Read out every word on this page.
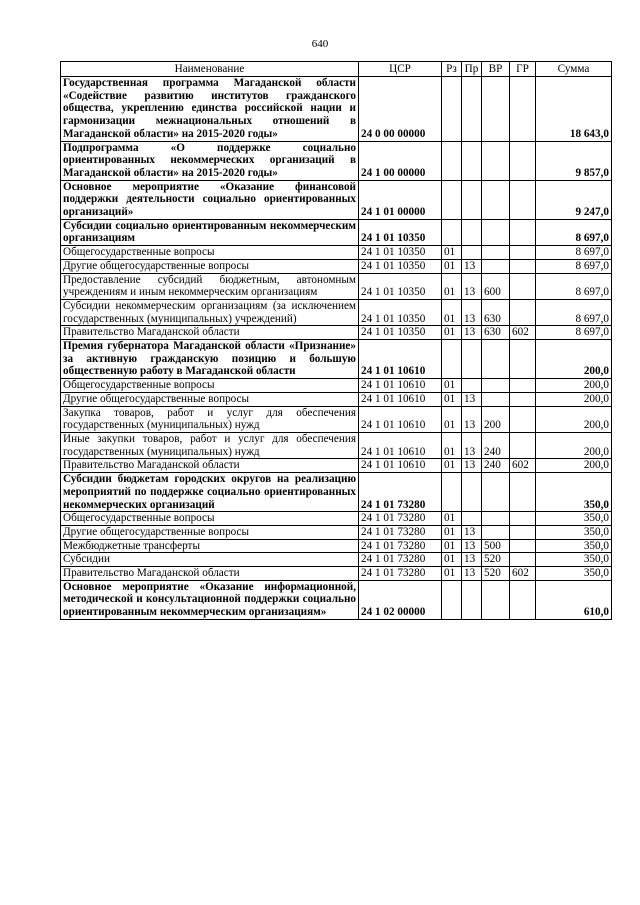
640
Наименование	ЦСР	Рз	Пр	ВР	ГР	Сумма
Государственная программа Магаданской области «Содействие развитию институтов гражданского общества, укреплению единства российской нации и гармонизации межнациональных отношений в Магаданской области» на 2015-2020 годы»	24 0 00 00000					18 643,0
Подпрограмма «О поддержке социально ориентированных некоммерческих организаций в Магаданской области» на 2015-2020 годы»	24 1 00 00000					9 857,0
Основное мероприятие «Оказание финансовой поддержки деятельности социально ориентированных организаций»	24 1 01 00000					9 247,0
Субсидии социально ориентированным некоммерческим организациям	24 1 01 10350					8 697,0
Общегосударственные вопросы	24 1 01 10350	01				8 697,0
Другие общегосударственные вопросы	24 1 01 10350	01	13			8 697,0
Предоставление субсидий бюджетным, автономным учреждениям и иным некоммерческим организациям	24 1 01 10350	01	13	600		8 697,0
Субсидии некоммерческим организациям (за исключением государственных (муниципальных) учреждений)	24 1 01 10350	01	13	630		8 697,0
Правительство Магаданской области	24 1 01 10350	01	13	630	602	8 697,0
Премия губернатора Магаданской области «Признание» за активную гражданскую позицию и большую общественную работу в Магаданской области	24 1 01 10610					200,0
Общегосударственные вопросы	24 1 01 10610	01				200,0
Другие общегосударственные вопросы	24 1 01 10610	01	13			200,0
Закупка товаров, работ и услуг для обеспечения государственных (муниципальных) нужд	24 1 01 10610	01	13	200		200,0
Иные закупки товаров, работ и услуг для обеспечения государственных (муниципальных) нужд	24 1 01 10610	01	13	240		200,0
Правительство Магаданской области	24 1 01 10610	01	13	240	602	200,0
Субсидии бюджетам городских округов на реализацию мероприятий по поддержке социально ориентированных некоммерческих организаций	24 1 01 73280					350,0
Общегосударственные вопросы	24 1 01 73280	01				350,0
Другие общегосударственные вопросы	24 1 01 73280	01	13			350,0
Межбюджетные трансферты	24 1 01 73280	01	13	500		350,0
Субсидии	24 1 01 73280	01	13	520		350,0
Правительство Магаданской области	24 1 01 73280	01	13	520	602	350,0
Основное мероприятие «Оказание информационной, методической и консультационной поддержки социально ориентированным некоммерческим организациям»	24 1 02 00000					610,0
